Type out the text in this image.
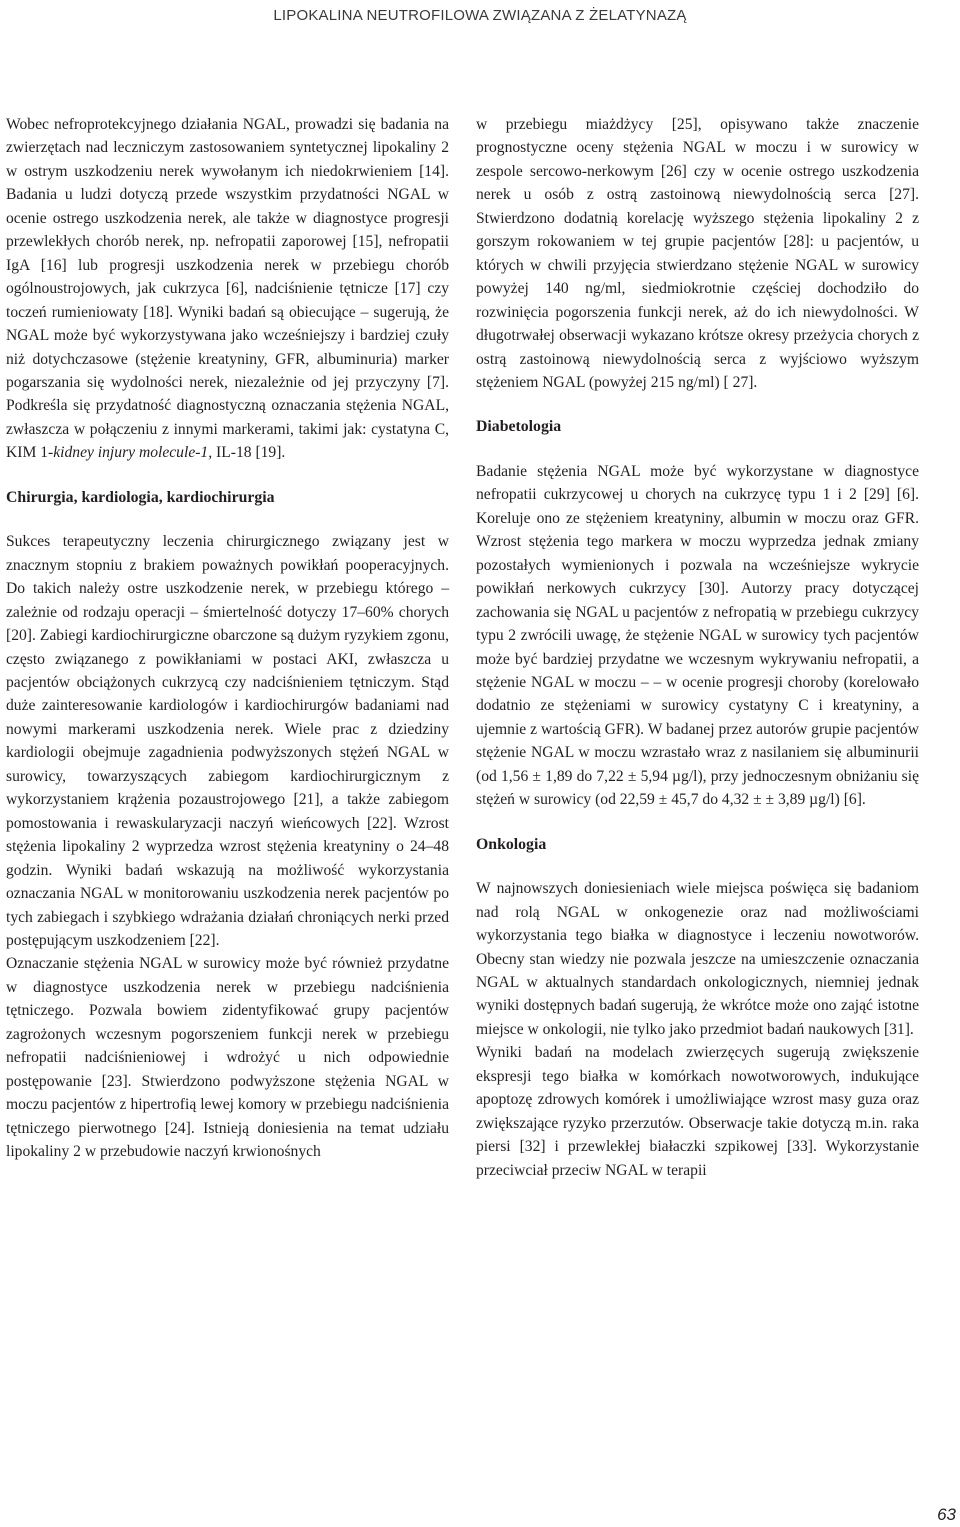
LIPOKALINA NEUTROFILOWA ZWIĄZANA Z ŻELATYNAZĄ

Wobec nefroprotekcyjnego działania NGAL, prowadzi się badania na zwierzętach nad leczniczym zastosowaniem syntetycznej lipokaliny 2 w ostrym uszkodzeniu nerek wywołanym ich niedokrwieniem [14]. Badania u ludzi dotyczą przede wszystkim przydatności NGAL w ocenie ostrego uszkodzenia nerek, ale także w diagnostyce progresji przewlekłych chorób nerek, np. nefropatii zaporowej [15], nefropatii IgA [16] lub progresji uszkodzenia nerek w przebiegu chorób ogólnoustrojowych, jak cukrzyca [6], nadciśnienie tętnicze [17] czy toczeń rumieniowaty [18]. Wyniki badań są obiecujące – sugerują, że NGAL może być wykorzystywana jako wcześniejszy i bardziej czuły niż dotychczasowe (stężenie kreatyniny, GFR, albuminuria) marker pogarszania się wydolności nerek, niezależnie od jej przyczyny [7]. Podkreśla się przydatność diagnostyczną oznaczania stężenia NGAL, zwłaszcza w połączeniu z innymi markerami, takimi jak: cystatyna C, KIM 1-kidney injury molecule-1, IL-18 [19].

Chirurgia, kardiologia, kardiochirurgia

Sukces terapeutyczny leczenia chirurgicznego związany jest w znacznym stopniu z brakiem poważnych powikłań pooperacyjnych. Do takich należy ostre uszkodzenie nerek, w przebiegu którego – zależnie od rodzaju operacji – śmiertelność dotyczy 17–60% chorych [20]. Zabiegi kardiochirurgiczne obarczone są dużym ryzykiem zgonu, często związanego z powikłaniami w postaci AKI, zwłaszcza u pacjentów obciążonych cukrzycą czy nadciśnieniem tętniczym. Stąd duże zainteresowanie kardiologów i kardiochirurgów badaniami nad nowymi markerami uszkodzenia nerek. Wiele prac z dziedziny kardiologii obejmuje zagadnienia podwyższonych stężeń NGAL w surowicy, towarzyszących zabiegom kardiochirurgicznym z wykorzystaniem krążenia pozaustrojowego [21], a także zabiegom pomostowania i rewaskularyzacji naczyń wieńcowych [22]. Wzrost stężenia lipokaliny 2 wyprzedza wzrost stężenia kreatyniny o 24–48 godzin. Wyniki badań wskazują na możliwość wykorzystania oznaczania NGAL w monitorowaniu uszkodzenia nerek pacjentów po tych zabiegach i szybkiego wdrażania działań chroniących nerki przed postępującym uszkodzeniem [22].

Oznaczanie stężenia NGAL w surowicy może być również przydatne w diagnostyce uszkodzenia nerek w przebiegu nadciśnienia tętniczego. Pozwala bowiem zidentyfikować grupy pacjentów zagrożonych wczesnym pogorszeniem funkcji nerek w przebiegu nefropatii nadciśnieniowej i wdrożyć u nich odpowiednie postępowanie [23]. Stwierdzono podwyższone stężenia NGAL w moczu pacjentów z hipertrofią lewej komory w przebiegu nadciśnienia tętniczego pierwotnego [24]. Istnieją doniesienia na temat udziału lipokaliny 2 w przebudowie naczyń krwionośnych

w przebiegu miażdżycy [25], opisywano także znaczenie prognostyczne oceny stężenia NGAL w moczu i w surowicy w zespole sercowo-nerkowym [26] czy w ocenie ostrego uszkodzenia nerek u osób z ostrą zastoinową niewydolnością serca [27]. Stwierdzono dodatnią korelację wyższego stężenia lipokaliny 2 z gorszym rokowaniem w tej grupie pacjentów [28]: u pacjentów, u których w chwili przyjęcia stwierdzano stężenie NGAL w surowicy powyżej 140 ng/ml, siedmiokrotnie częściej dochodziło do rozwinięcia pogorszenia funkcji nerek, aż do ich niewydolności. W długotrwałej obserwacji wykazano krótsze okresy przeżycia chorych z ostrą zastoinową niewydolnością serca z wyjściowo wyższym stężeniem NGAL (powyżej 215 ng/ml) [ 27].

Diabetologia

Badanie stężenia NGAL może być wykorzystane w diagnostyce nefropatii cukrzycowej u chorych na cukrzycę typu 1 i 2 [29] [6]. Koreluje ono ze stężeniem kreatyniny, albumin w moczu oraz GFR. Wzrost stężenia tego markera w moczu wyprzedza jednak zmiany pozostałych wymienionych i pozwala na wcześniejsze wykrycie powikłań nerkowych cukrzycy [30]. Autorzy pracy dotyczącej zachowania się NGAL u pacjentów z nefropatią w przebiegu cukrzycy typu 2 zwrócili uwagę, że stężenie NGAL w surowicy tych pacjentów może być bardziej przydatne we wczesnym wykrywaniu nefropatii, a stężenie NGAL w moczu – – w ocenie progresji choroby (korelowało dodatnio ze stężeniami w surowicy cystatyny C i kreatyniny, a ujemnie z wartością GFR). W badanej przez autorów grupie pacjentów stężenie NGAL w moczu wzrastało wraz z nasilaniem się albuminurii (od 1,56 ± 1,89 do 7,22 ± 5,94 µg/l), przy jednoczesnym obniżaniu się stężeń w surowicy (od 22,59 ± 45,7 do 4,32 ± ± 3,89 µg/l) [6].

Onkologia

W najnowszych doniesieniach wiele miejsca poświęca się badaniom nad rolą NGAL w onkogenezie oraz nad możliwościami wykorzystania tego białka w diagnostyce i leczeniu nowotworów. Obecny stan wiedzy nie pozwala jeszcze na umieszczenie oznaczania NGAL w aktualnych standardach onkologicznych, niemniej jednak wyniki dostępnych badań sugerują, że wkrótce może ono zająć istotne miejsce w onkologii, nie tylko jako przedmiot badań naukowych [31].

Wyniki badań na modelach zwierzęcych sugerują zwiększenie ekspresji tego białka w komórkach nowotworowych, indukujące apoptozę zdrowych komórek i umożliwiające wzrost masy guza oraz zwiększające ryzyko przerzutów. Obserwacje takie dotyczą m.in. raka piersi [32] i przewlekłej białaczki szpikowej [33]. Wykorzystanie przeciwciał przeciw NGAL w terapii

63
